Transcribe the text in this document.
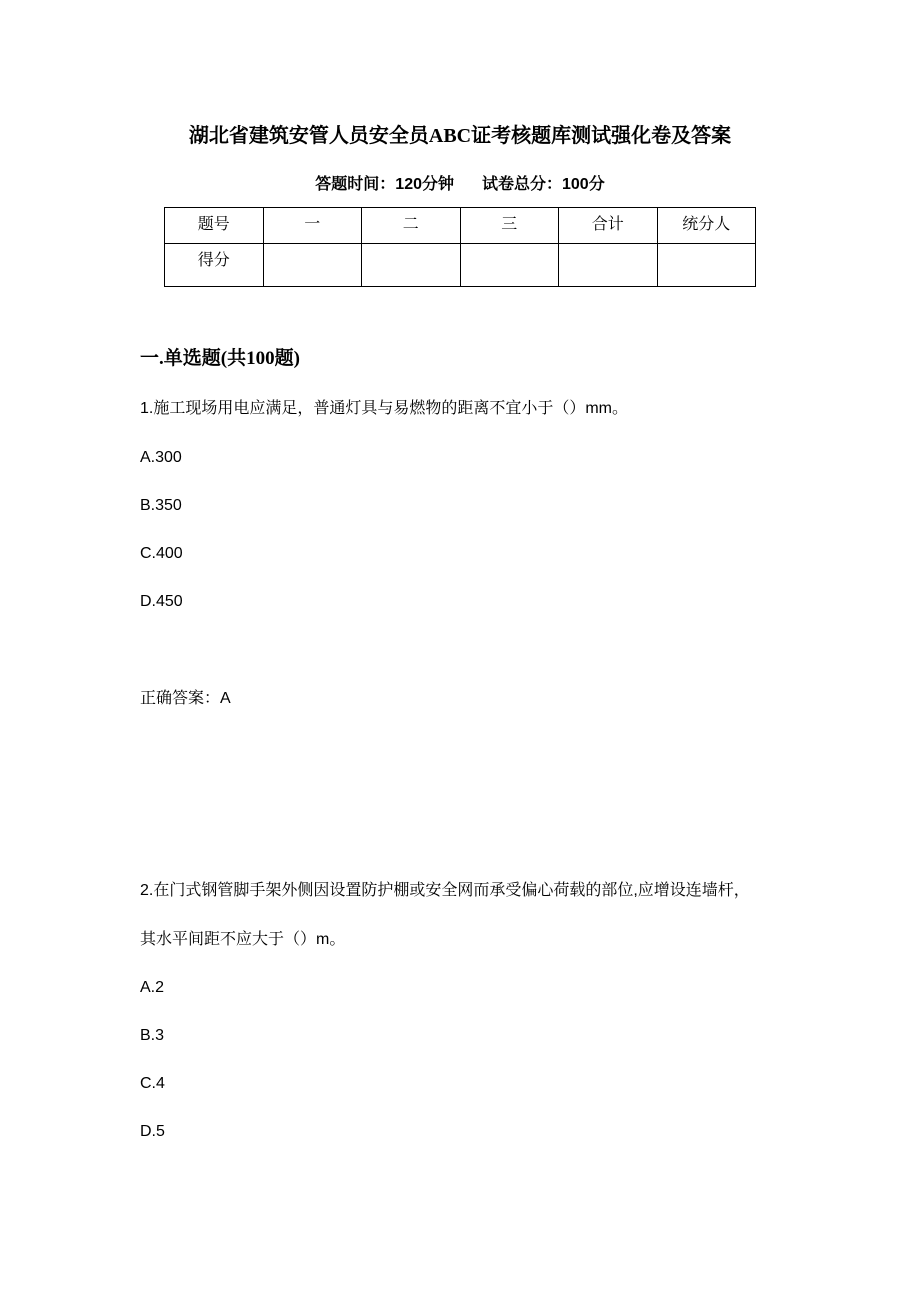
湖北省建筑安管人员安全员ABC证考核题库测试强化卷及答案
答题时间：120分钟 试卷总分：100分
题号	一	二	三	合计	统分人
得分					
一.单选题(共100题)
1.施工现场用电应满足，普通灯具与易燃物的距离不宜小于（）mm。
A.300
B.350
C.400
D.450
正确答案：A
2.在门式钢管脚手架外侧因设置防护棚或安全网而承受偏心荷载的部位,应增设连墙杆，
其水平间距不应大于（）m。
A.2
B.3
C.4
D.5
